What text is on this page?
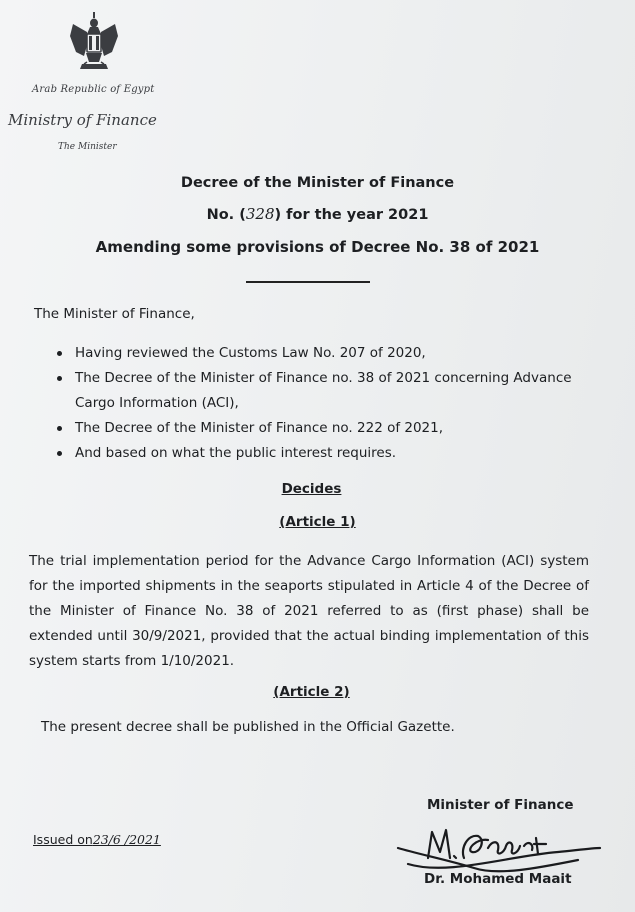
Arab Republic of Egypt
Ministry of Finance
The Minister
Decree of the Minister of Finance
No. (328) for the year 2021
Amending some provisions of Decree No. 38 of 2021
The Minister of Finance,
Having reviewed the Customs Law No. 207 of 2020,
The Decree of the Minister of Finance no. 38 of 2021 concerning Advance Cargo Information (ACI),
The Decree of the Minister of Finance no. 222 of 2021,
And based on what the public interest requires.
Decides
(Article 1)

The trial implementation period for the Advance Cargo Information (ACI) system for the imported shipments in the seaports stipulated in Article 4 of the Decree of the Minister of Finance No. 38 of 2021 referred to as (first phase) shall be extended until 30/9/2021, provided that the actual binding implementation of this system starts from 1/10/2021.

(Article 2)
The present decree shall be published in the Official Gazette.
Issued on23/6 /2021
Minister of Finance
Dr. Mohamed Maait
